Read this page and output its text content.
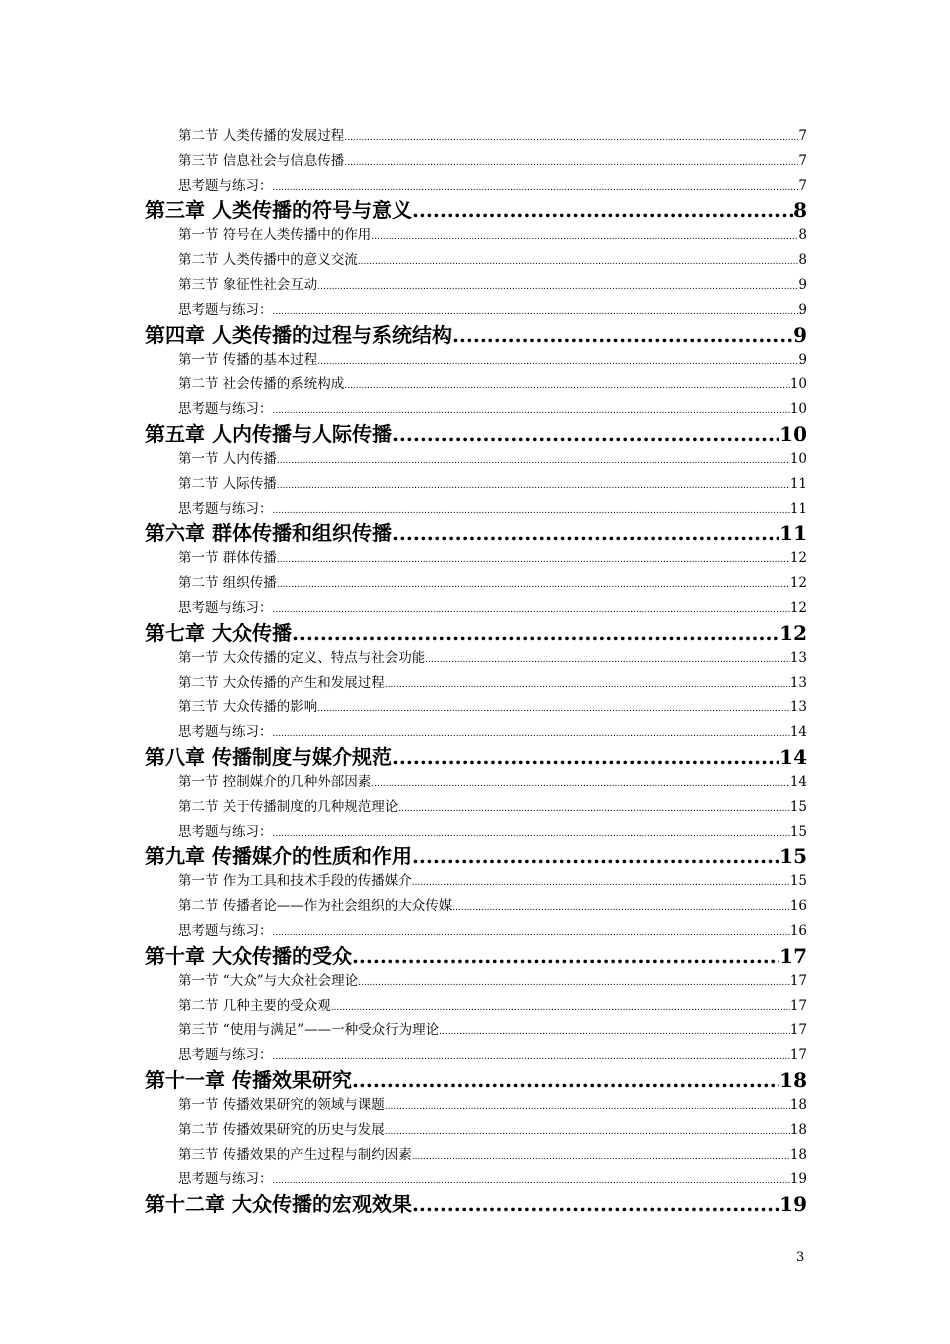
第二节 人类传播的发展过程 .....	7
第三节 信息社会与信息传播 .....	7
思考题与练习： .....	7
第三章 人类传播的符号与意义 .....	8
第一节 符号在人类传播中的作用 .....	8
第二节 人类传播中的意义交流 .....	8
第三节 象征性社会互动 .....	9
思考题与练习： .....	9
第四章 人类传播的过程与系统结构 .....	9
第一节 传播的基本过程 .....	9
第二节 社会传播的系统构成 .....	10
思考题与练习： .....	10
第五章 人内传播与人际传播 .....	10
第一节 人内传播 .....	10
第二节 人际传播 .....	11
思考题与练习： .....	11
第六章 群体传播和组织传播 .....	11
第一节 群体传播 .....	12
第二节 组织传播 .....	12
思考题与练习： .....	12
第七章 大众传播 .....	12
第一节 大众传播的定义、特点与社会功能 .....	13
第二节 大众传播的产生和发展过程 .....	13
第三节 大众传播的影响 .....	13
思考题与练习： .....	14
第八章 传播制度与媒介规范 .....	14
第一节 控制媒介的几种外部因素 .....	14
第二节 关于传播制度的几种规范理论 .....	15
思考题与练习： .....	15
第九章 传播媒介的性质和作用 .....	15
第一节 作为工具和技术手段的传播媒介 .....	15
第二节 传播者论——作为社会组织的大众传媒 .....	16
思考题与练习： .....	16
第十章 大众传播的受众 .....	17
第一节 “大众”与大众社会理论 .....	17
第二节 几种主要的受众观 .....	17
第三节 “使用与满足”——一种受众行为理论 .....	17
思考题与练习： .....	17
第十一章 传播效果研究 .....	18
第一节 传播效果研究的领域与课题 .....	18
第二节 传播效果研究的历史与发展 .....	18
第三节 传播效果的产生过程与制约因素 .....	18
思考题与练习： .....	19
第十二章 大众传播的宏观效果 .....	19
3
